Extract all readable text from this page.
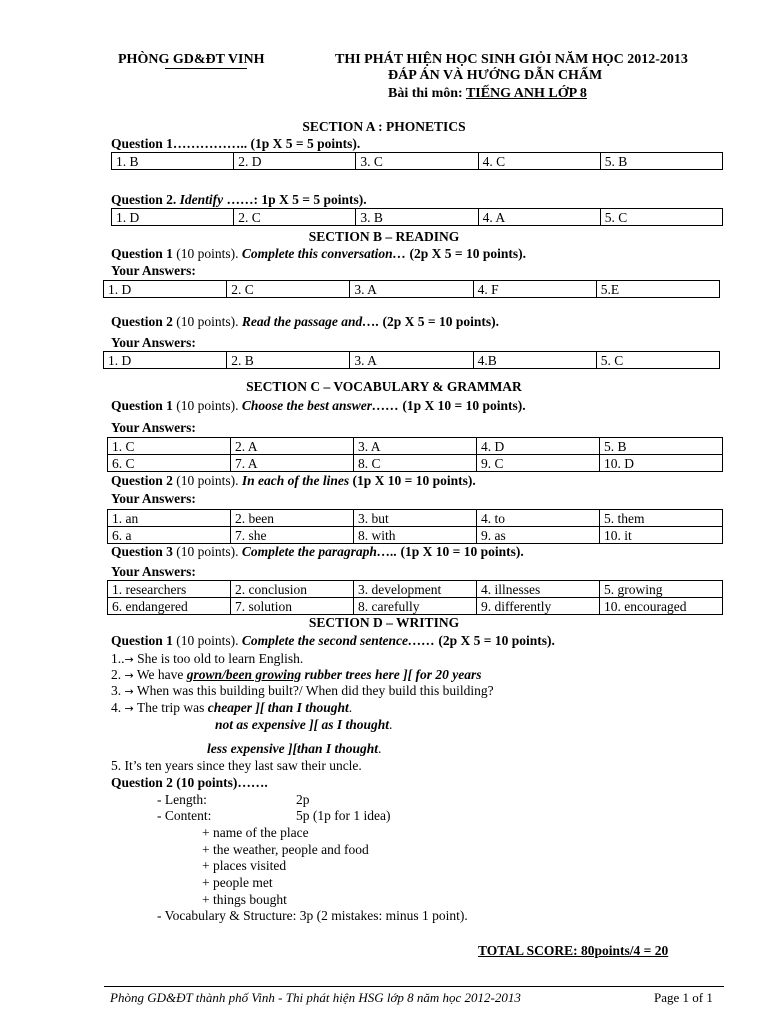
PHÒNG GD&ĐT VINH	THI PHÁT HIỆN HỌC SINH GIỎI NĂM HỌC 2012-2013
ĐÁP ÁN VÀ HƯỚNG DẪN CHẤM
Bài thi môn: TIẾNG ANH LỚP 8
SECTION A : PHONETICS
Question 1…………….. (1p X 5 = 5 points).
1. B	2. D	3. C	4. C	5. B
Question 2. Identify ……: 1p X 5 = 5 points).
1. D	2. C	3. B	4. A	5. C
SECTION B – READING
Question 1 (10 points). Complete this conversation… (2p X 5 = 10 points).
Your Answers:
1. D	2. C	3. A	4. F	5.E
Question 2 (10 points). Read the passage and…. (2p X 5 = 10 points).
Your Answers:
1. D	2. B	3. A	4.B	5. C
SECTION C – VOCABULARY & GRAMMAR
Question 1 (10 points). Choose the best answer…… (1p X 10 = 10 points).
Your Answers:
1. C	2. A	3. A	4. D	5. B
6. C	7. A	8. C	9. C	10. D
Question 2 (10 points). In each of the lines (1p X 10 = 10 points).
Your Answers:
1. an	2. been	3. but	4. to	5. them
6. a	7. she	8. with	9. as	10. it
Question 3 (10 points). Complete the paragraph….. (1p X 10 = 10 points).
Your Answers:
1. researchers	2. conclusion	3. development	4. illnesses	5. growing
6. endangered	7. solution	8. carefully	9. differently	10. encouraged
SECTION D – WRITING
Question 1 (10 points). Complete the second sentence…… (2p X 5 = 10 points).
1..→ She is too old to learn English.
2. → We have grown/been growing rubber trees here ][ for 20 years
3. → When was this building built?/ When did they build this building?
4. → The trip was cheaper ][ than I thought.
not as expensive ][ as I thought.
less expensive ][than I thought.
5. It’s ten years since they last saw their uncle.
Question 2 (10 points)…….
- Length:	2p
- Content:	5p (1p for 1 idea)
+ name of the place
+ the weather, people and food
+ places visited
+ people met
+ things bought
- Vocabulary & Structure: 3p (2 mistakes: minus 1 point).
TOTAL SCORE: 80points/4 = 20
Phòng GD&ĐT thành phố Vinh - Thi phát hiện HSG lớp 8 năm học 2012-2013	Page 1 of 1
